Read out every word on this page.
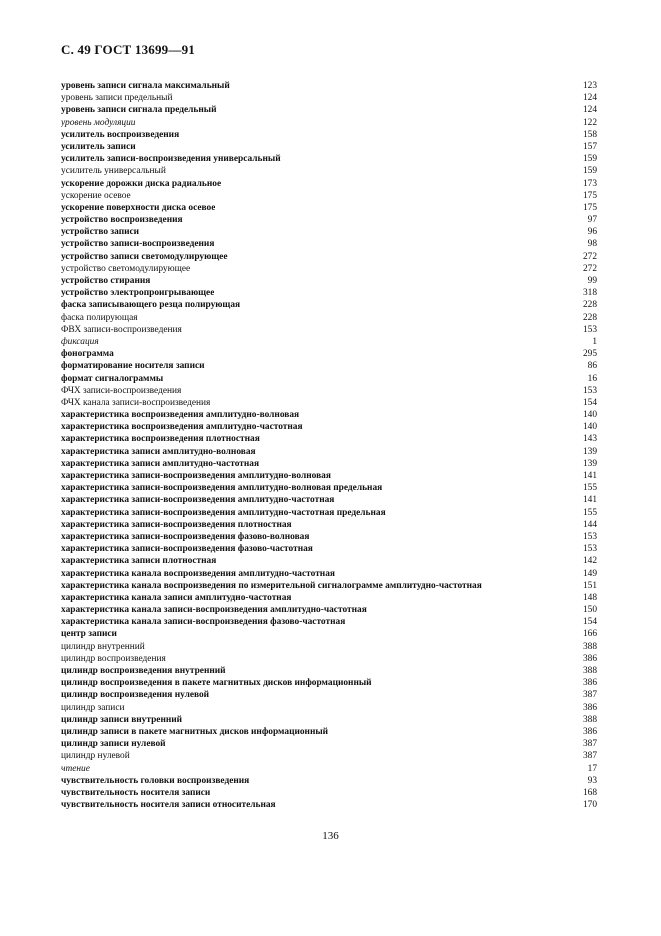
С. 49 ГОСТ 13699—91
уровень записи сигнала максимальный	123
уровень записи предельный	124
уровень записи сигнала предельный	124
уровень модуляции	122
усилитель воспроизведения	158
усилитель записи	157
усилитель записи-воспроизведения универсальный	159
усилитель универсальный	159
ускорение дорожки диска радиальное	173
ускорение осевое	175
ускорение поверхности диска осевое	175
устройство воспроизведения	97
устройство записи	96
устройство записи-воспроизведения	98
устройство записи светомодулирующее	272
устройство светомодулирующее	272
устройство стирания	99
устройство электропроигрывающее	318
фаска записывающего резца полирующая	228
фаска полирующая	228
ФВХ записи-воспроизведения	153
фиксация	1
фонограмма	295
форматирование носителя записи	86
формат сигналограммы	16
ФЧХ записи-воспроизведения	153
ФЧХ канала записи-воспроизведения	154
характеристика воспроизведения амплитудно-волновая	140
характеристика воспроизведения амплитудно-частотная	140
характеристика воспроизведения плотностная	143
характеристика записи амплитудно-волновая	139
характеристика записи амплитудно-частотная	139
характеристика записи-воспроизведения амплитудно-волновая	141
характеристика записи-воспроизведения амплитудно-волновая предельная	155
характеристика записи-воспроизведения амплитудно-частотная	141
характеристика записи-воспроизведения амплитудно-частотная предельная	155
характеристика записи-воспроизведения плотностная	144
характеристика записи-воспроизведения фазово-волновая	153
характеристика записи-воспроизведения фазово-частотная	153
характеристика записи плотностная	142
характеристика канала воспроизведения амплитудно-частотная	149
характеристика канала воспроизведения по измерительной сигналограмме амплитудно-частотная	151
характеристика канала записи амплитудно-частотная	148
характеристика канала записи-воспроизведения амплитудно-частотная	150
характеристика канала записи-воспроизведения фазово-частотная	154
центр записи	166
цилиндр внутренний	388
цилиндр воспроизведения	386
цилиндр воспроизведения внутренний	388
цилиндр воспроизведения в пакете магнитных дисков информационный	386
цилиндр воспроизведения нулевой	387
цилиндр записи	386
цилиндр записи внутренний	388
цилиндр записи в пакете магнитных дисков информационный	386
цилиндр записи нулевой	387
цилиндр нулевой	387
чтение	17
чувствительность головки воспроизведения	93
чувствительность носителя записи	168
чувствительность носителя записи относительная	170
136
